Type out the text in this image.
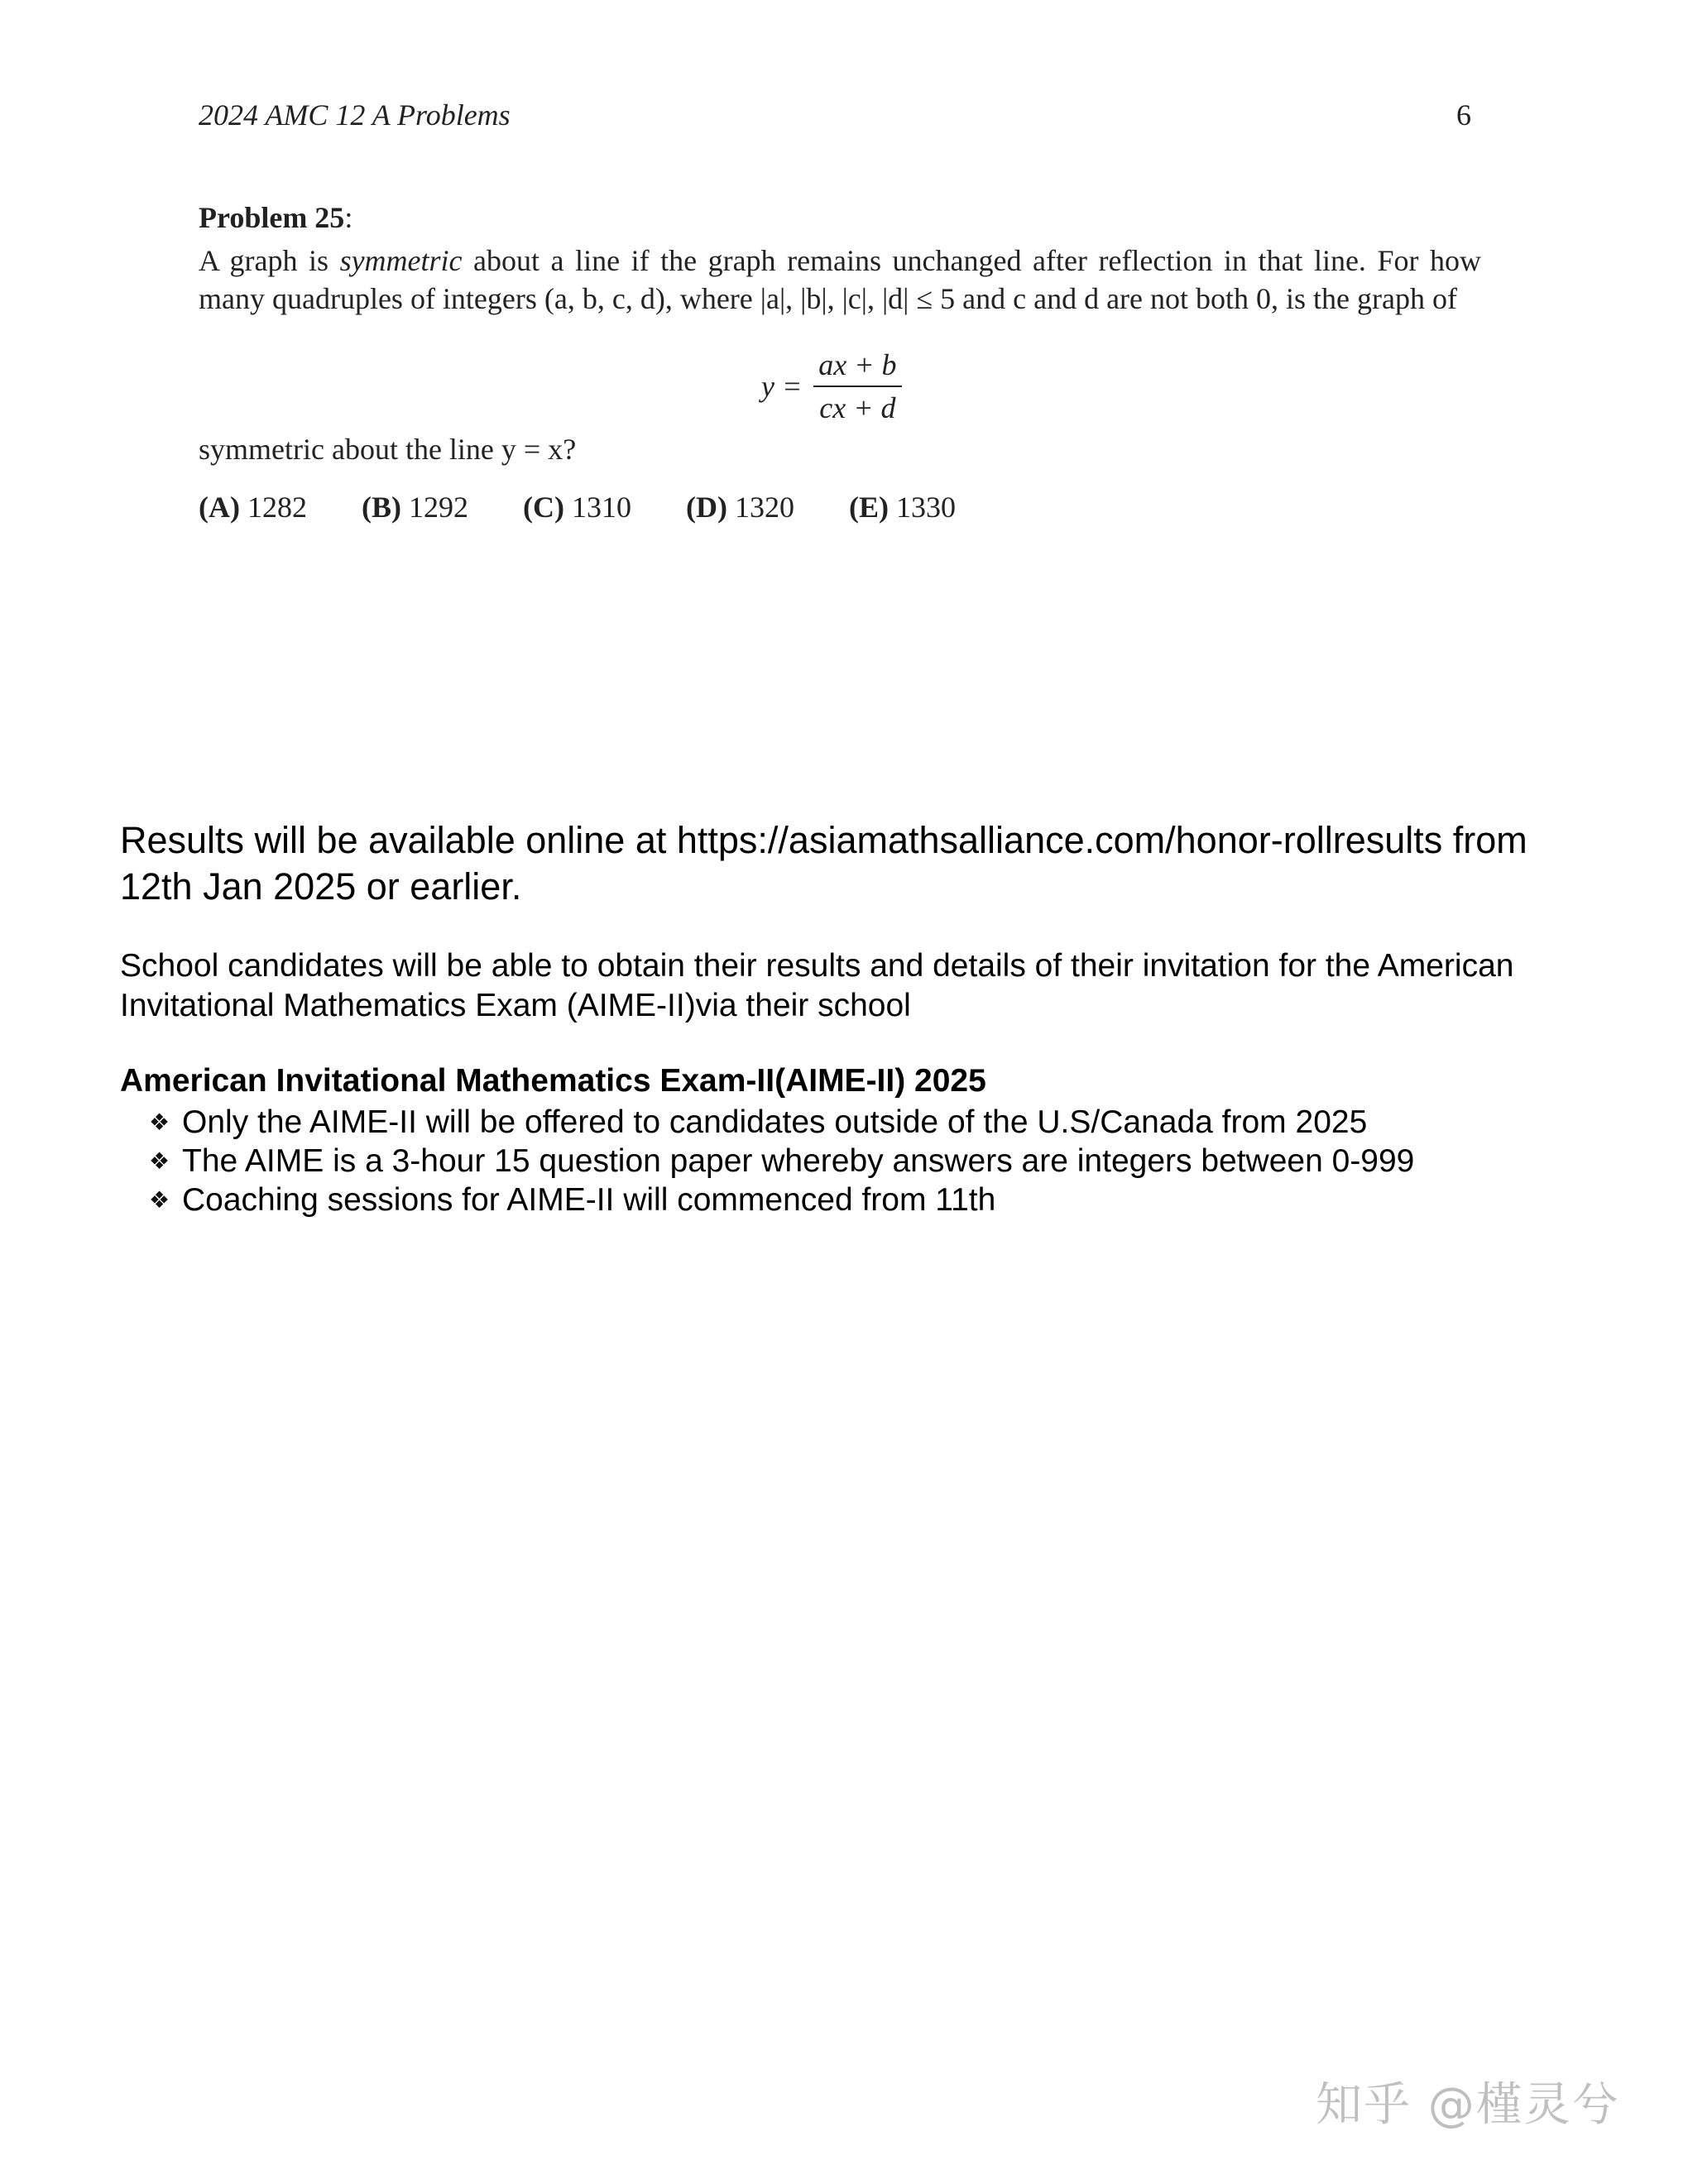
2024 AMC 12 A Problems	6
Problem 25:
A graph is symmetric about a line if the graph remains unchanged after reflection in that line. For how many quadruples of integers (a, b, c, d), where |a|, |b|, |c|, |d| ≤ 5 and c and d are not both 0, is the graph of
$y = \frac{ax + b}{cx + d}$
symmetric about the line y = x?
(A) 1282 (B) 1292 (C) 1310 (D) 1320 (E) 1330
Results will be available online at https://asiamathsalliance.com/honor-rollresults from 12th Jan 2025 or earlier.
School candidates will be able to obtain their results and details of their invitation for the American Invitational Mathematics Exam (AIME-II)via their school
American Invitational Mathematics Exam-II(AIME-II) 2025
❖ Only the AIME-II will be offered to candidates outside of the U.S/Canada from 2025
❖ The AIME is a 3-hour 15 question paper whereby answers are integers between 0-999
❖ Coaching sessions for AIME-II will commenced from 11th
知乎 @槿灵兮
